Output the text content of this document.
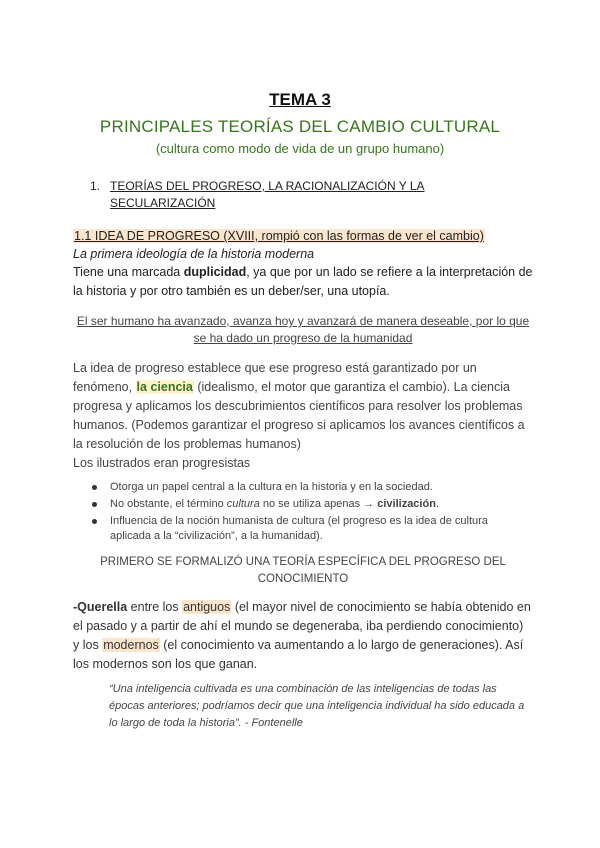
TEMA 3
PRINCIPALES TEORÍAS DEL CAMBIO CULTURAL
(cultura como modo de vida de un grupo humano)
1. TEORÍAS DEL PROGRESO, LA RACIONALIZACIÓN Y LA SECULARIZACIÓN
1.1 IDEA DE PROGRESO (XVIII, rompió con las formas de ver el cambio)
La primera ideología de la historia moderna

Tiene una marcada duplicidad, ya que por un lado se refiere a la interpretación de la historia y por otro también es un deber/ser, una utopía.

El ser humano ha avanzado, avanza hoy y avanzará de manera deseable, por lo que se ha dado un progreso de la humanidad

La idea de progreso establece que ese progreso está garantizado por un fenómeno, la ciencia (idealismo, el motor que garantiza el cambio). La ciencia progresa y aplicamos los descubrimientos científicos para resolver los problemas humanos. (Podemos garantizar el progreso si aplicamos los avances científicos a la resolución de los problemas humanos)
Los ilustrados eran progresistas

Otorga un papel central a la cultura en la historia y en la sociedad.
No obstante, el término cultura no se utiliza apenas → civilización.
Influencia de la noción humanista de cultura (el progreso es la idea de cultura aplicada a la “civilización”, a la humanidad).

PRIMERO SE FORMALIZÓ UNA TEORÍA ESPECÍFICA DEL PROGRESO DEL CONOCIMIENTO

-Querella entre los antiguos (el mayor nivel de conocimiento se había obtenido en el pasado y a partir de ahí el mundo se degeneraba, iba perdiendo conocimiento) y los modernos (el conocimiento va aumentando a lo largo de generaciones). Así los modernos son los que ganan.

“Una inteligencia cultivada es una combinación de las inteligencias de todas las épocas anteriores; podríamos decir que una inteligencia individual ha sido educada a lo largo de toda la historia”. - Fontenelle
